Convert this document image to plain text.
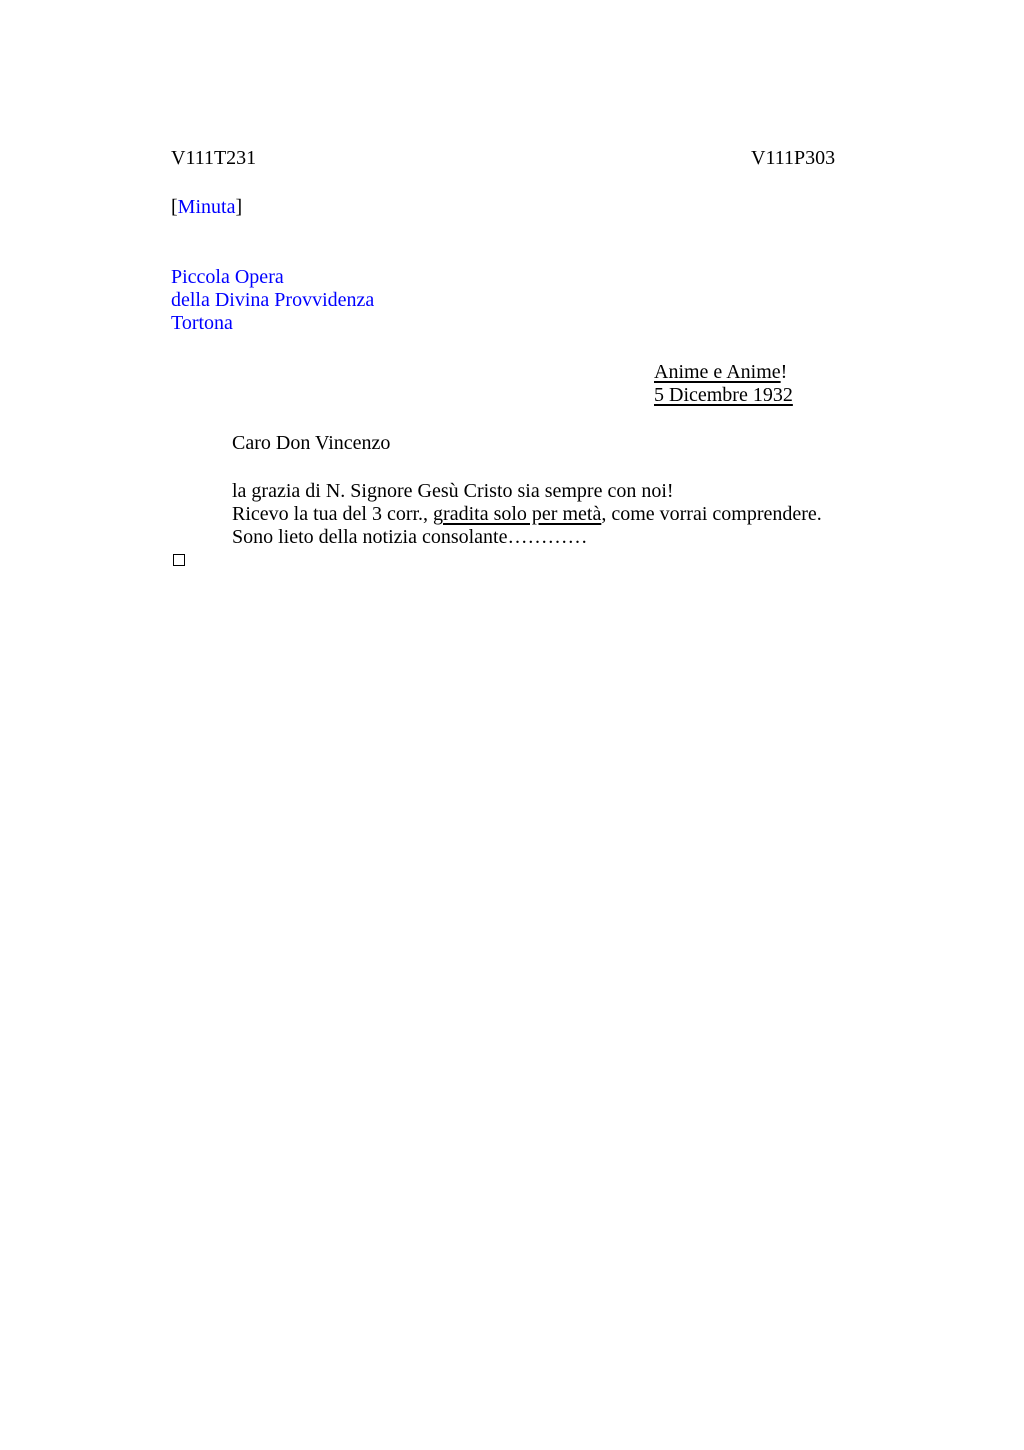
V111T231	V111P303
[Minuta]
Piccola Opera
della Divina Provvidenza
Tortona
Anime e Anime!
5 Dicembre 1932
Caro Don Vincenzo
la grazia di N. Signore Gesù Cristo sia sempre con noi!
Ricevo la tua del 3 corr., gradita solo per metà, come vorrai comprendere.
Sono lieto della notizia consolante…………
